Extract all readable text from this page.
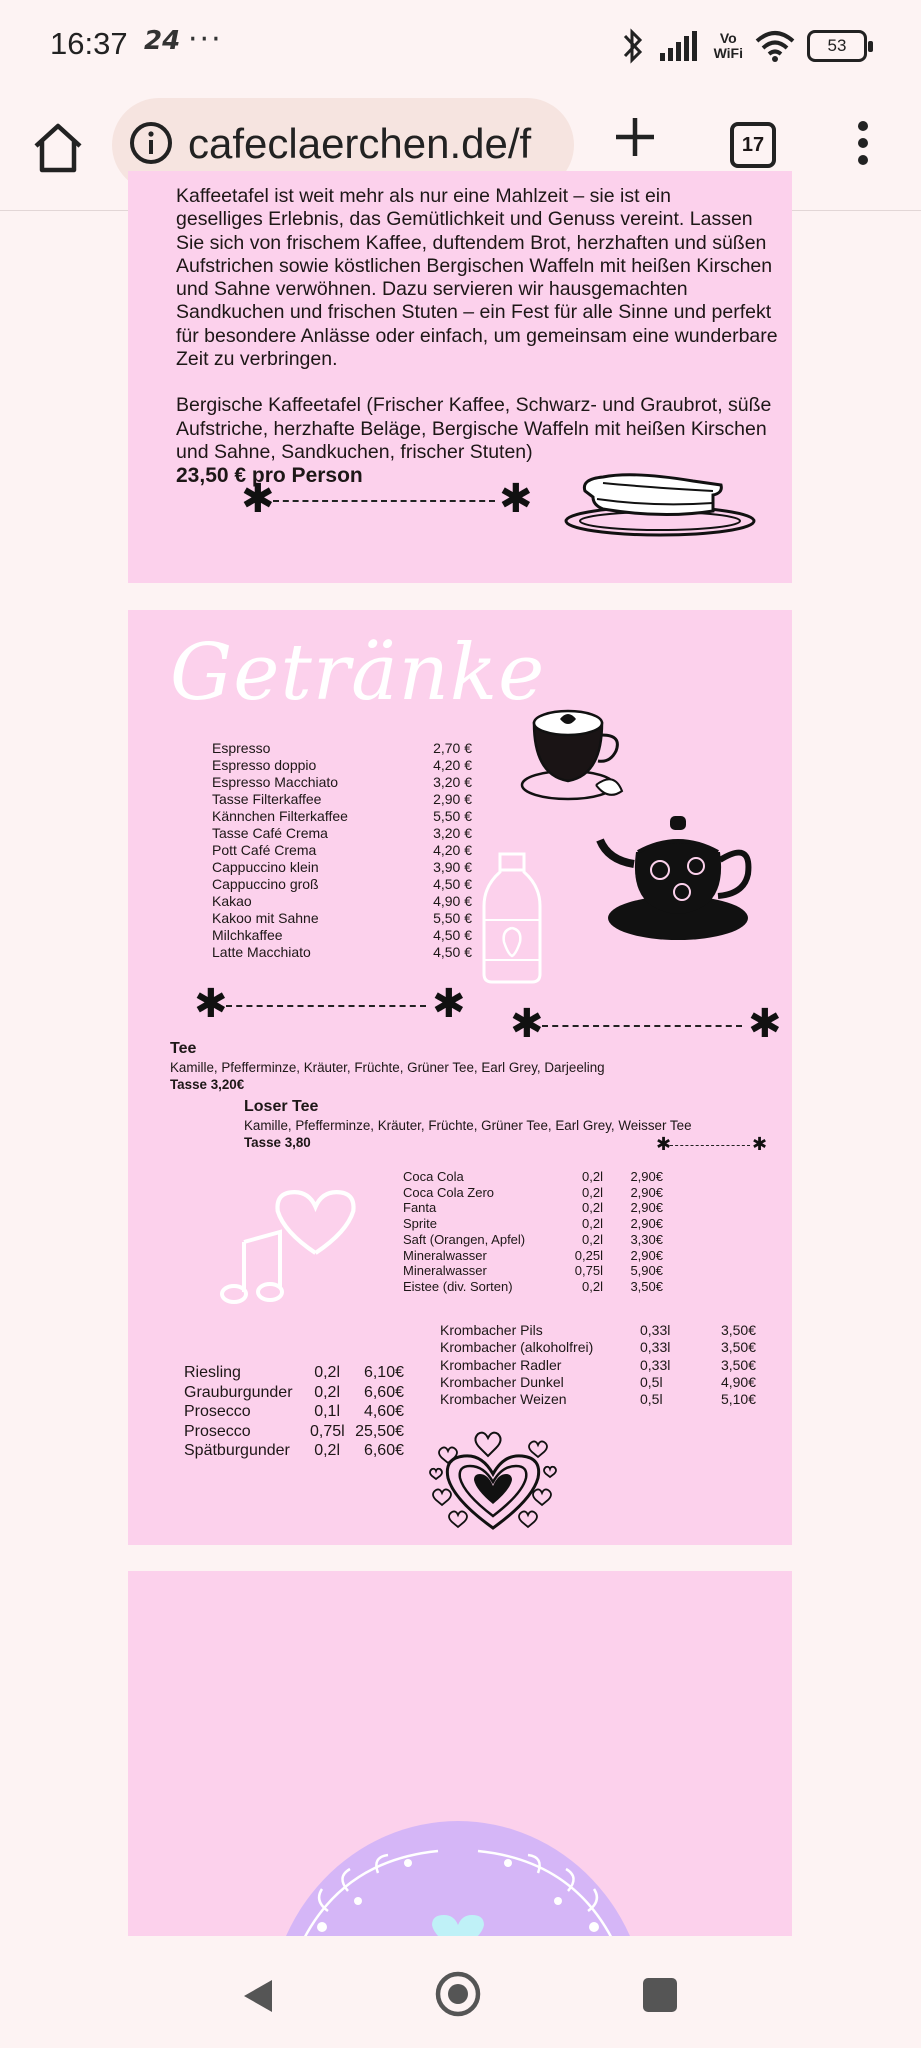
16:37 24 ···	Vo
WiFi	53
cafeclaerchen.de/f	17

Kaffeetafel ist weit mehr als nur eine Mahlzeit – sie ist ein

geselliges Erlebnis, das Gemütlichkeit und Genuss vereint. Lassen Sie sich von frischem Kaffee, duftendem Brot, herzhaften und süßen Aufstrichen sowie köstlichen Bergischen Waffeln mit heißen Kirschen und Sahne verwöhnen. Dazu servieren wir hausgemachten Sandkuchen und frischen Stuten – ein Fest für alle Sinne und perfekt für besondere Anlässe oder einfach, um gemeinsam eine wunderbare Zeit zu verbringen.

Bergische Kaffeetafel (Frischer Kaffee, Schwarz- und Graubrot, süße Aufstriche, herzhafte Beläge, Bergische Waffeln mit heißen Kirschen und Sahne, Sandkuchen, frischer Stuten)

23,50 € pro Person
✱	✱
Getränke
Espresso	2,70 €
Espresso doppio	4,20 €
Espresso Macchiato	3,20 €
Tasse Filterkaffee	2,90 €
Kännchen Filterkaffee	5,50 €
Tasse Café Crema	3,20 €
Pott Café Crema	4,20 €
Cappuccino klein	3,90 €
Cappuccino groß	4,50 €
Kakao	4,90 €
Kakoo mit Sahne	5,50 €
Milchkaffee	4,50 €
Latte Macchiato	4,50 €
✱	✱ ✱	✱
Tee
Kamille, Pfefferminze, Kräuter, Früchte, Grüner Tee, Earl Grey, Darjeeling
Tasse 3,20€
Loser Tee
Kamille, Pfefferminze, Kräuter, Früchte, Grüner Tee, Earl Grey, Weisser Tee
Tasse 3,80	✱	✱
Coca Cola	0,2l	2,90€
Coca Cola Zero	0,2l	2,90€
Fanta	0,2l	2,90€
Sprite	0,2l	2,90€
Saft (Orangen, Apfel)	0,2l	3,30€
Mineralwasser	0,25l	2,90€
Mineralwasser	0,75l	5,90€
Eistee (div. Sorten)	0,2l	3,50€
Krombacher Pils	0,33l	3,50€
Krombacher (alkoholfrei)	0,33l	3,50€
Krombacher Radler	0,33l	3,50€
Krombacher Dunkel	0,5l	4,90€
Krombacher Weizen	0,5l	5,10€
Riesling	0,2l	6,10€
Grauburgunder	0,2l	6,60€
Prosecco	0,1l	4,60€
Prosecco	0,75l 25,50€
Spätburgunder	0,2l	6,60€
